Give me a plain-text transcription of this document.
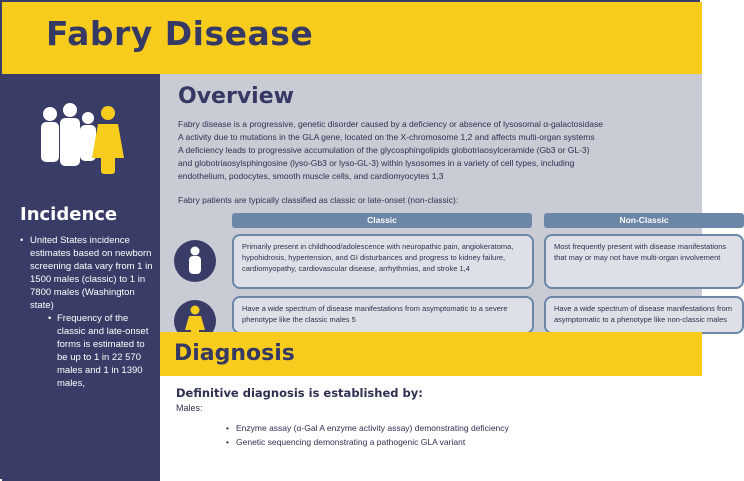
Fabry Disease
Incidence
• United States incidence estimates based on newborn screening data vary from 1 in 1500 males (classic) to 1 in 7800 males (Washington state)
• Frequency of the classic and late-onset forms is estimated to be up to 1 in 22 570 males and 1 in 1390 males,
Overview

Fabry disease is a progressive, genetic disorder caused by a deficiency or absence of lysosomal α-galactosidase

A activity due to mutations in the GLA gene, located on the X-chromosome 1,2 and affects multi-organ systems

A deficiency leads to progressive accumulation of the glycosphingolipids globotriaosylceramide (Gb3 or GL-3)

and globotriaosylsphingosine (lyso-Gb3 or lyso-GL-3) within lysosomes in a variety of cell types, including

endothelium, podocytes, smooth muscle cells, and cardiomyocytes 1,3

Fabry patients are typically classified as classic or late-onset (non-classic):
Classic	Non-Classic
Primarily present in childhood/adolescence with neuropathic pain, angiokeratoma, hypohidrosis, hypertension, and GI disturbances and progress to kidney failure, cardiomyopathy, cardiovascular disease, arrhythmias, and stroke 1,4
Most frequently present with disease manifestations that may or may not have multi-organ involvement
Have a wide spectrum of disease manifestations from asymptomatic to a severe phenotype like the classic males 5
Have a wide spectrum of disease manifestations from asymptomatic to a phenotype like non-classic males
Diagnosis
Definitive diagnosis is established by:
Males:
• Enzyme assay (α-Gal A enzyme activity assay) demonstrating deficiency
• Genetic sequencing demonstrating a pathogenic GLA variant
